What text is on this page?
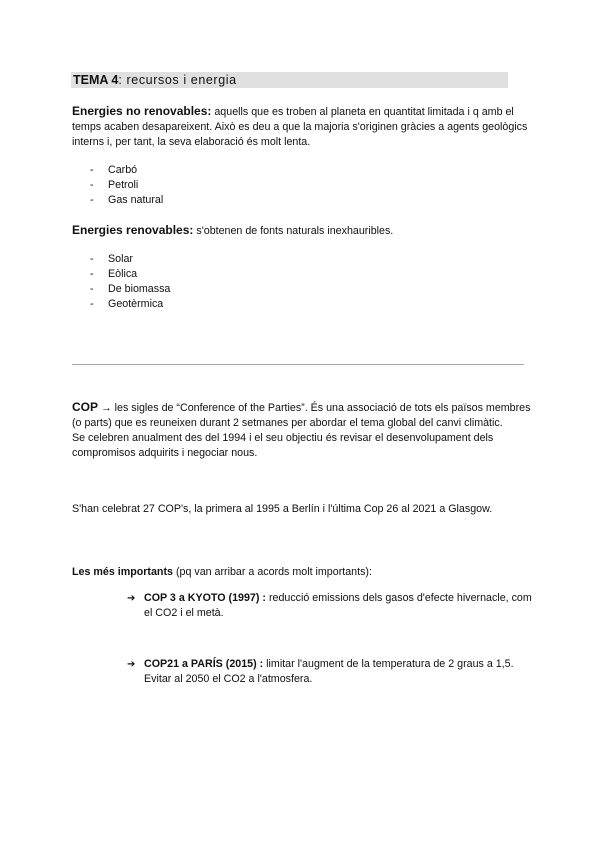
TEMA 4: recursos i energia
Energies no renovables: aquells que es troben al planeta en quantitat limitada i q amb el temps acaben desapareixent. Això es deu a que la majoria s'originen gràcies a agents geològics interns i, per tant, la seva elaboració és molt lenta.
- Carbó
- Petroli
- Gas natural
Energies renovables: s'obtenen de fonts naturals inexhauribles.
- Solar
- Eòlica
- De biomassa
- Geotèrmica
COP → les sigles de “Conference of the Parties”. És una associació de tots els països membres (o parts) que es reuneixen durant 2 setmanes per abordar el tema global del canvi climàtic.
Se celebren anualment des del 1994 i el seu objectiu és revisar el desenvolupament dels compromisos adquirits i negociar nous.
S'han celebrat 27 COP's, la primera al 1995 a Berlín i l'última Cop 26 al 2021 a Glasgow.
Les més importants (pq van arribar a acords molt importants):
➔ COP 3 a KYOTO (1997) : reducció emissions dels gasos d'efecte hivernacle, com el CO2 i el metà.
➔ COP21 a PARÍS (2015) : limitar l'augment de la temperatura de 2 graus a 1,5. Evitar al 2050 el CO2 a l'atmosfera.
